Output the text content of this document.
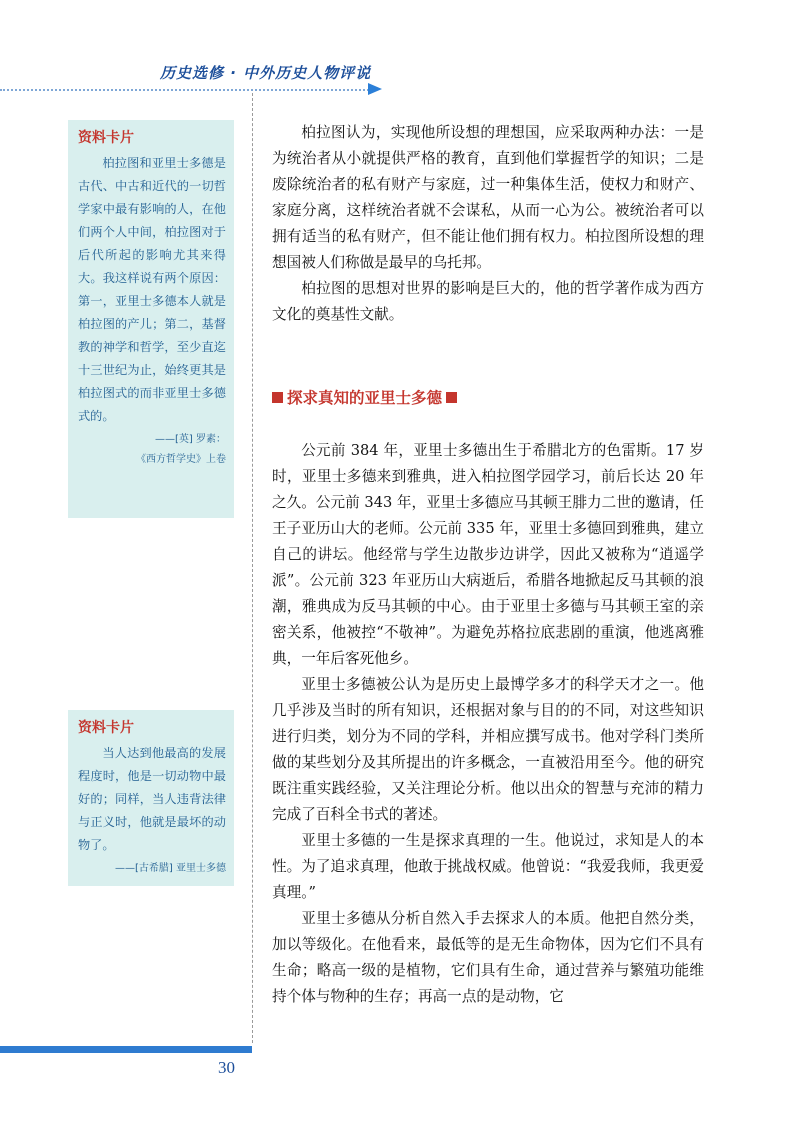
历史选修 · 中外历史人物评说
资料卡片

柏拉图和亚里士多德是古代、中古和近代的一切哲学家中最有影响的人，在他们两个人中间，柏拉图对于后代所起的影响尤其来得大。我这样说有两个原因：第一，亚里士多德本人就是柏拉图的产儿；第二，基督教的神学和哲学，至少直迄十三世纪为止，始终更其是柏拉图式的而非亚里士多德式的。

——[英] 罗素：

《西方哲学史》上卷

资料卡片

当人达到他最高的发展程度时，他是一切动物中最好的；同样，当人违背法律与正义时，他就是最坏的动物了。

——[古希腊] 亚里士多德

柏拉图认为，实现他所设想的理想国，应采取两种办法：一是为统治者从小就提供严格的教育，直到他们掌握哲学的知识；二是废除统治者的私有财产与家庭，过一种集体生活，使权力和财产、家庭分离，这样统治者就不会谋私，从而一心为公。被统治者可以拥有适当的私有财产，但不能让他们拥有权力。柏拉图所设想的理想国被人们称做是最早的乌托邦。

柏拉图的思想对世界的影响是巨大的，他的哲学著作成为西方文化的奠基性文献。

探求真知的亚里士多德

公元前 384 年，亚里士多德出生于希腊北方的色雷斯。17 岁时，亚里士多德来到雅典，进入柏拉图学园学习，前后长达 20 年之久。公元前 343 年，亚里士多德应马其顿王腓力二世的邀请，任王子亚历山大的老师。公元前 335 年，亚里士多德回到雅典，建立自己的讲坛。他经常与学生边散步边讲学，因此又被称为“逍遥学派”。公元前 323 年亚历山大病逝后，希腊各地掀起反马其顿的浪潮，雅典成为反马其顿的中心。由于亚里士多德与马其顿王室的亲密关系，他被控“不敬神”。为避免苏格拉底悲剧的重演，他逃离雅典，一年后客死他乡。

亚里士多德被公认为是历史上最博学多才的科学天才之一。他几乎涉及当时的所有知识，还根据对象与目的的不同，对这些知识进行归类，划分为不同的学科，并相应撰写成书。他对学科门类所做的某些划分及其所提出的许多概念，一直被沿用至今。他的研究既注重实践经验，又关注理论分析。他以出众的智慧与充沛的精力完成了百科全书式的著述。

亚里士多德的一生是探求真理的一生。他说过，求知是人的本性。为了追求真理，他敢于挑战权威。他曾说：“我爱我师，我更爱真理。”

亚里士多德从分析自然入手去探求人的本质。他把自然分类，加以等级化。在他看来，最低等的是无生命物体，因为它们不具有生命；略高一级的是植物，它们具有生命，通过营养与繁殖功能维持个体与物种的生存；再高一点的是动物，它

30
